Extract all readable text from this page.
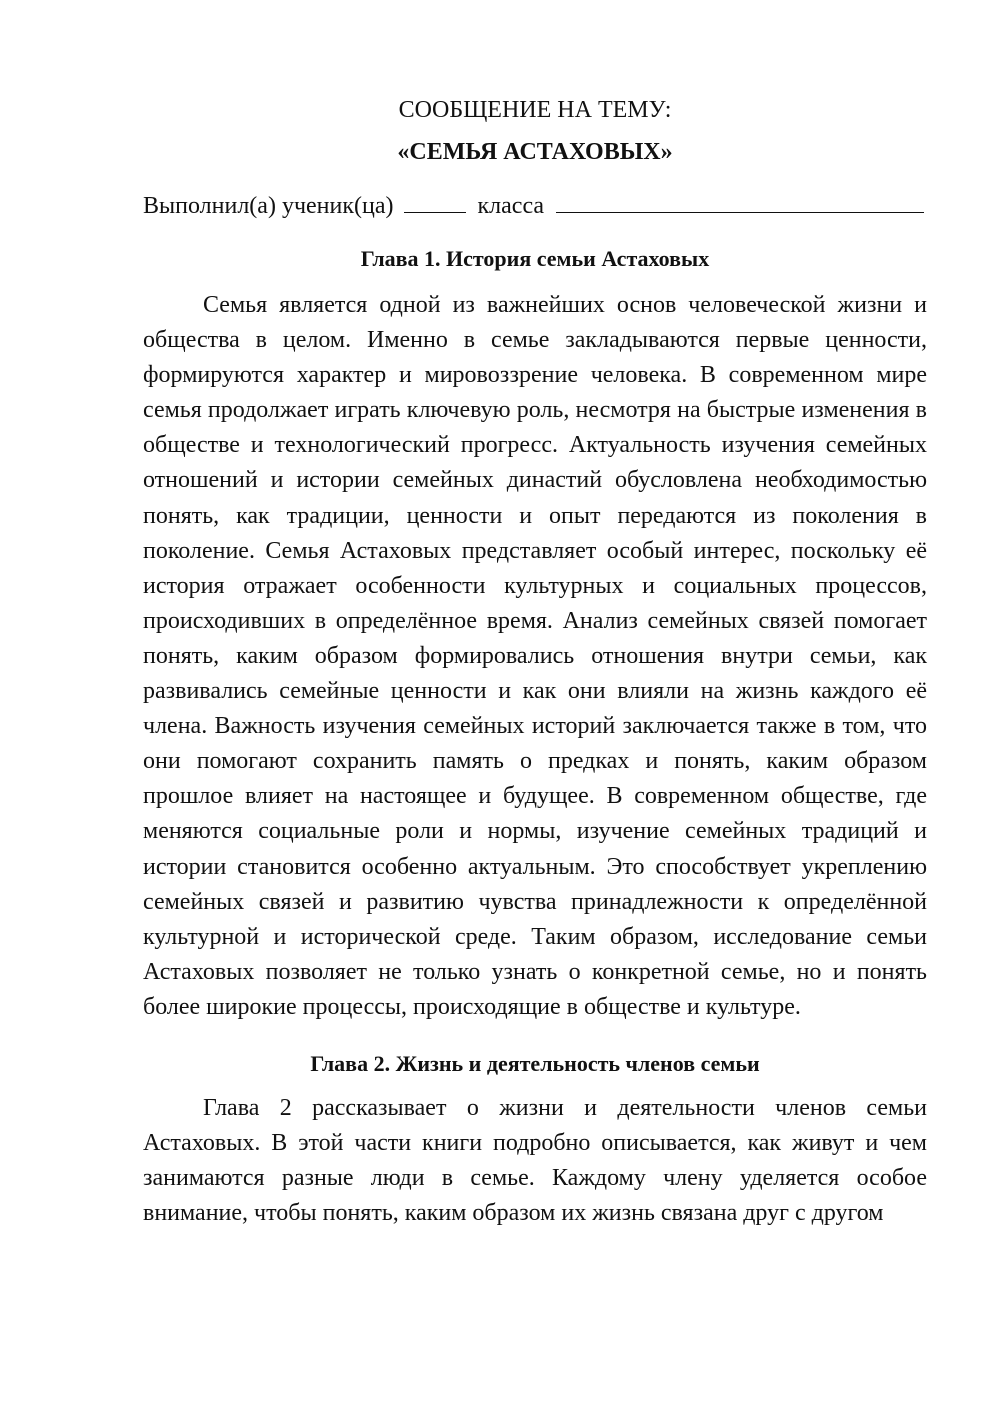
СООБЩЕНИЕ НА ТЕМУ:
«СЕМЬЯ АСТАХОВЫХ»

Выполнил(а) ученик(ца)	класса

Глава 1. История семьи Астаховых

Семья является одной из важнейших основ человеческой жизни и общества в целом. Именно в семье закладываются первые ценности, формируются характер и мировоззрение человека. В современном мире семья продолжает играть ключевую роль, несмотря на быстрые изменения в обществе и технологический прогресс. Актуальность изучения семейных отношений и истории семейных династий обусловлена необходимостью понять, как традиции, ценности и опыт передаются из поколения в поколение. Семья Астаховых представляет особый интерес, поскольку её история отражает особенности культурных и социальных процессов, происходивших в определённое время. Анализ семейных связей помогает понять, каким образом формировались отношения внутри семьи, как развивались семейные ценности и как они влияли на жизнь каждого её члена. Важность изучения семейных историй заключается также в том, что они помогают сохранить память о предках и понять, каким образом прошлое влияет на настоящее и будущее. В современном обществе, где меняются социальные роли и нормы, изучение семейных традиций и истории становится особенно актуальным. Это способствует укреплению семейных связей и развитию чувства принадлежности к определённой культурной и исторической среде. Таким образом, исследование семьи Астаховых позволяет не только узнать о конкретной семье, но и понять более широкие процессы, происходящие в обществе и культуре.

Глава 2. Жизнь и деятельность членов семьи

Глава 2 рассказывает о жизни и деятельности членов семьи Астаховых. В этой части книги подробно описывается, как живут и чем занимаются разные люди в семье. Каждому члену уделяется особое внимание, чтобы понять, каким образом их жизнь связана друг с другом
